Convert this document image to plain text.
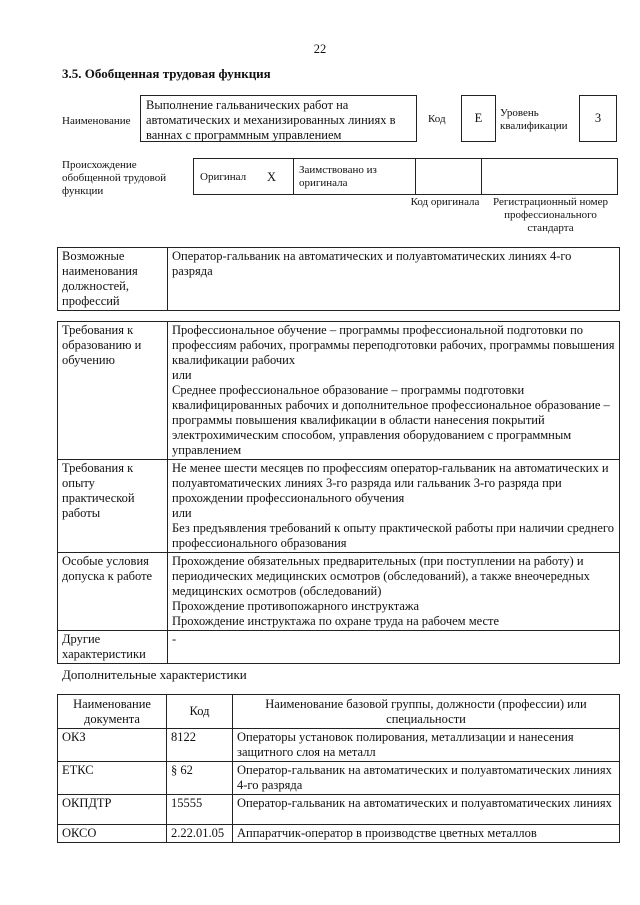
22
3.5. Обобщенная трудовая функция
Наименование
Выполнение гальванических работ на автоматических и механизированных линиях в ваннах с программным управлением
Код	E	Уровень квалификации
3
Происхождение обобщенной трудовой функции
Оригинал X Заимствовано из оригинала
Код оригинала	Регистрационный номер профессионального стандарта
Возможные наименования должностей, профессий	Оператор-гальваник на автоматических и полуавтоматических линиях 4-го разряда
Требования к образованию и обучению	Профессиональное обучение – программы профессиональной подготовки по профессиям рабочих, программы переподготовки рабочих, программы повышения квалификации рабочих
или
Среднее профессиональное образование – программы подготовки квалифицированных рабочих и дополнительное профессиональное образование – программы повышения квалификации в области нанесения покрытий электрохимическим способом, управления оборудованием с программным управлением
Требования к опыту практической работы	Не менее шести месяцев по профессиям оператор-гальваник на автоматических и полуавтоматических линиях 3-го разряда или гальваник 3-го разряда при прохождении профессионального обучения
или
Без предъявления требований к опыту практической работы при наличии среднего профессионального образования
Особые условия допуска к работе	Прохождение обязательных предварительных (при поступлении на работу) и периодических медицинских осмотров (обследований), а также внеочередных медицинских осмотров (обследований)
Прохождение противопожарного инструктажа
Прохождение инструктажа по охране труда на рабочем месте
Другие характеристики	-
Дополнительные характеристики
Наименование документа	Код	Наименование базовой группы, должности (профессии) или специальности
ОКЗ	8122	Операторы установок полирования, металлизации и нанесения защитного слоя на металл
ЕТКС	§ 62	Оператор-гальваник на автоматических и полуавтоматических линиях 4-го разряда
ОКПДТР	15555	Оператор-гальваник на автоматических и полуавтоматических линиях
ОКСО	2.22.01.05	Аппаратчик-оператор в производстве цветных металлов
